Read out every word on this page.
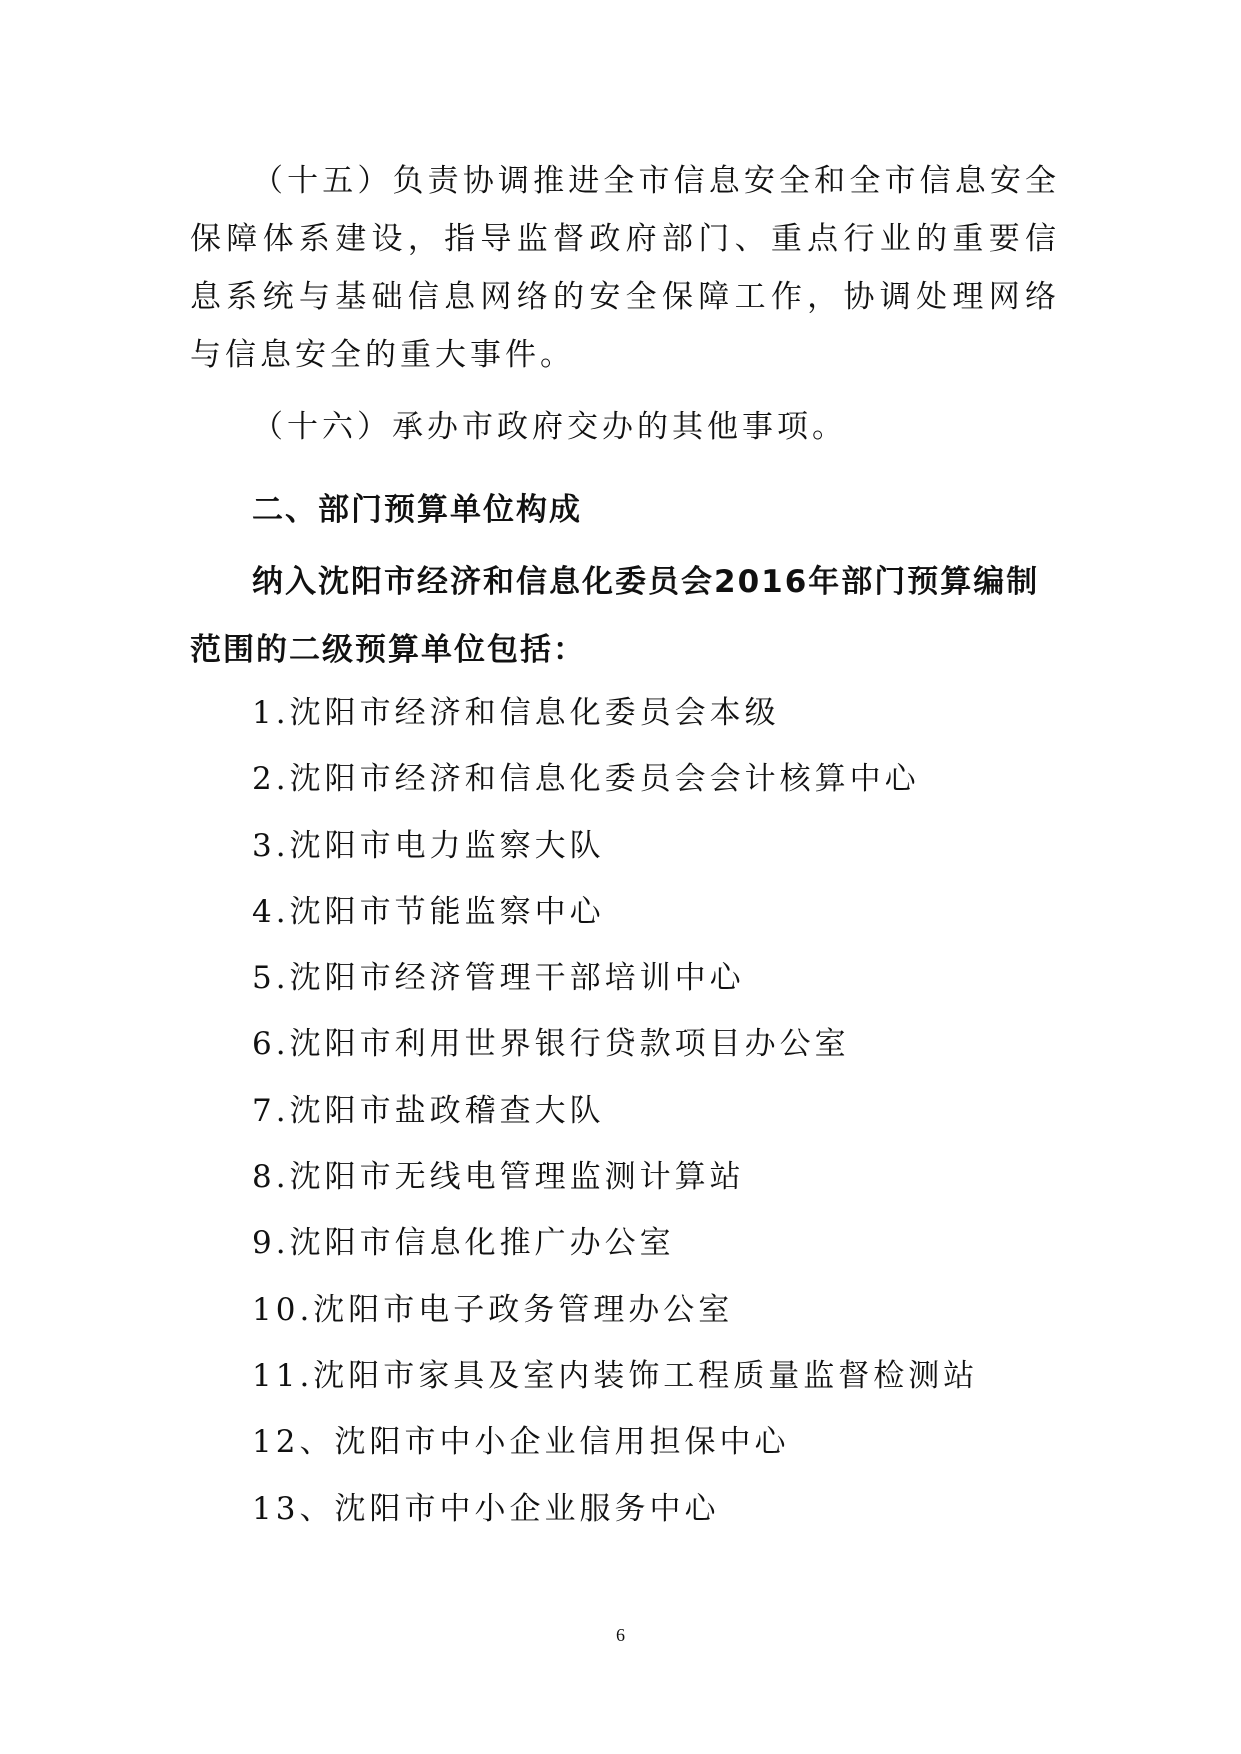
（十五）负责协调推进全市信息安全和全市信息安全保障体系建设，指导监督政府部门、重点行业的重要信息系统与基础信息网络的安全保障工作，协调处理网络与信息安全的重大事件。

（十六）承办市政府交办的其他事项。

二、部门预算单位构成

纳入沈阳市经济和信息化委员会2016年部门预算编制范围的二级预算单位包括：

1.沈阳市经济和信息化委员会本级
2.沈阳市经济和信息化委员会会计核算中心
3.沈阳市电力监察大队
4.沈阳市节能监察中心
5.沈阳市经济管理干部培训中心
6.沈阳市利用世界银行贷款项目办公室
7.沈阳市盐政稽查大队
8.沈阳市无线电管理监测计算站
9.沈阳市信息化推广办公室
10.沈阳市电子政务管理办公室
11.沈阳市家具及室内装饰工程质量监督检测站
12、沈阳市中小企业信用担保中心
13、沈阳市中小企业服务中心
6
